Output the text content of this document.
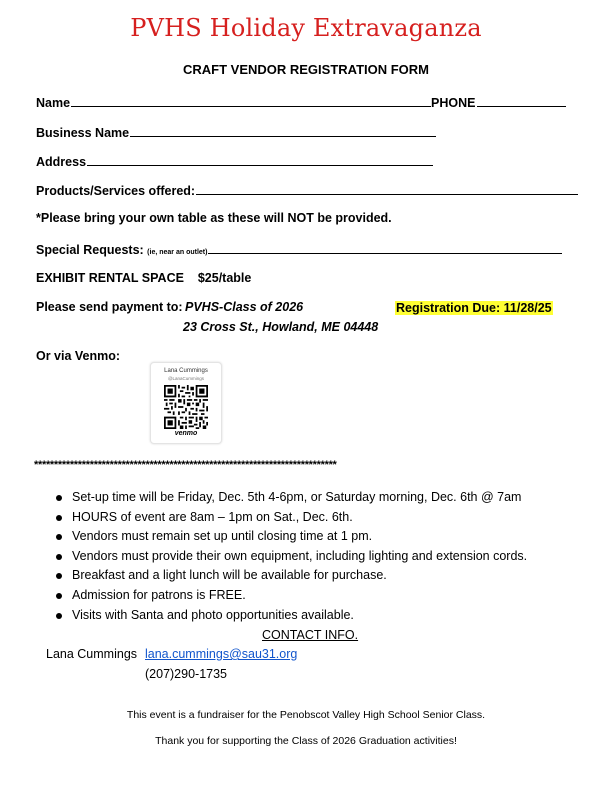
PVHS Holiday Extravaganza
CRAFT VENDOR REGISTRATION FORM
Name	PHONE
Business Name
Address
Products/Services offered:
*Please bring your own table as these will NOT be provided.
Special Requests: (ie, near an outlet)
EXHIBIT RENTAL SPACE $25/table
Please send payment to: PVHS-Class of 2026
23 Cross St., Howland, ME 04448
Registration Due: 11/28/25
Or via Venmo:
Lana Cummings
@LanaCummings
venmo
****************************************************************************
Set-up time will be Friday, Dec. 5th 4-6pm, or Saturday morning, Dec. 6th @ 7am
HOURS of event are 8am – 1pm on Sat., Dec. 6th.
Vendors must remain set up until closing time at 1 pm.
Vendors must provide their own equipment, including lighting and extension cords.
Breakfast and a light lunch will be available for purchase.
Admission for patrons is FREE.
Visits with Santa and photo opportunities available.
CONTACT INFO.
Lana Cummings lana.cummings@sau31.org
(207)290-1735
This event is a fundraiser for the Penobscot Valley High School Senior Class.
Thank you for supporting the Class of 2026 Graduation activities!
